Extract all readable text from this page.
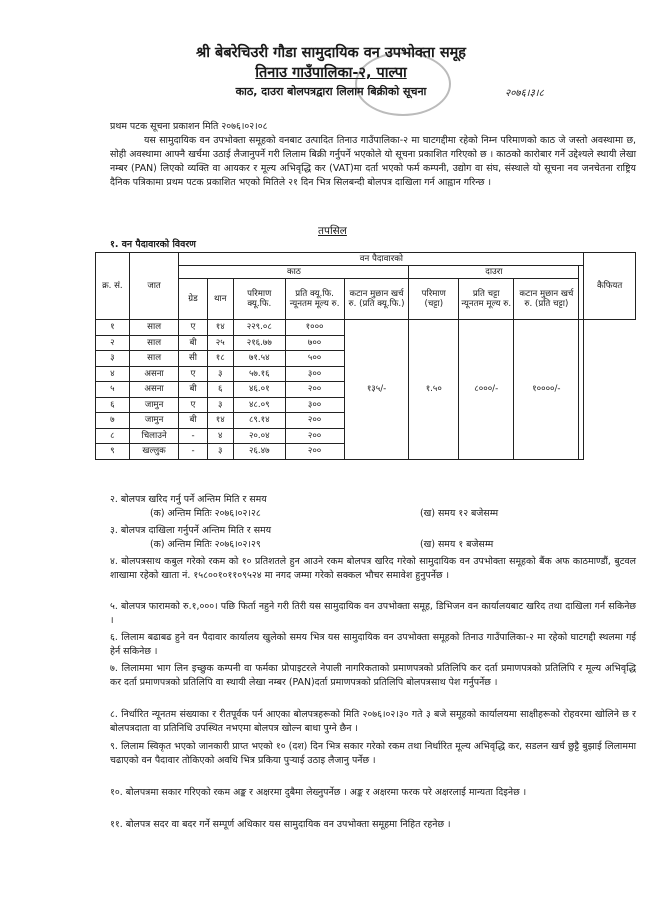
श्री बेबरेचिउरी गौडा सामुदायिक वन उपभोक्ता समूह
तिनाउ गाउँपालिका-२, पाल्पा
काठ, दाउरा बोलपत्रद्वारा लिलाम बिक्रीको सूचना	२०७६।३।८
प्रथम पटक सूचना प्रकाशन मिति २०७६।०२।०८
यस सामुदायिक वन उपभोक्ता समूहको वनबाट उत्पादित तिनाउ गाउँपालिका-२ मा घाटगद्दीमा रहेको निम्न परिमाणको काठ जे जस्तो अवस्थामा छ, सोही अवस्थामा आफ्नै खर्चमा उठाई लैजानुपर्ने गरी लिलाम बिक्री गर्नुपर्ने भएकोले यो सूचना प्रकाशित गरिएको छ । काठको कारोबार गर्ने उद्देश्यले स्थायी लेखा नम्बर (PAN) लिएको व्यक्ति वा आयकर र मूल्य अभिवृद्धि कर (VAT)मा दर्ता भएको फर्म कम्पनी, उद्योग वा संघ, संस्थाले यो सूचना नव जनचेतना राष्ट्रिय दैनिक पत्रिकामा प्रथम पटक प्रकाशित भएको मितिले २१ दिन भित्र सिलबन्दी बोलपत्र दाखिला गर्न आह्वान गरिन्छ ।
तपसिल
१. वन पैदावारको विवरण
क्र. सं.	जात	वन पैदावारको									कैफियत
		काठ					दाउरा				
		ग्रेड	थान	परिमाण क्यू.फि.	प्रति क्यू.फि. न्यूनतम मूल्य रु.	कटान मुछान खर्च रु. (प्रति क्यू.फि.)	परिमाण (चट्टा)	प्रति चट्टा न्यूनतम मूल्य रु.	कटान मुछान खर्च रु. (प्रति चट्टा)		
१	साल	ए	१४	२२९.०८	१०००	१३५/-	१.५०	८०००/-	१००००/-		
२	साल	बी	२५	२१६.७७	७००						
३	साल	सी	१८	७१.५४	५००						
४	असना	ए	३	५७.१६	३००						
५	असना	बी	६	४६.०१	२००						
६	जामुन	ए	३	४८.०९	३००						
७	जामुन	बी	१४	८९.१४	२००						
८	चिलाउने	-	४	२०.०४	२००						
९	खल्लुक	-	३	२६.४७	२००						
२. बोलपत्र खरिद गर्नु पर्ने अन्तिम मिति र समय
(क) अन्तिम मितिः २०७६।०२।२८	(ख) समय १२ बजेसम्म
३. बोलपत्र दाखिला गर्नुपर्ने अन्तिम मिति र समय
(क) अन्तिम मितिः २०७६।०२।२९	(ख) समय १ बजेसम्म
४. बोलपत्रसाथ कबुल गरेको रकम को १० प्रतिशतले हुन आउने रकम बोलपत्र खरिद गरेको सामुदायिक वन उपभोक्ता समूहको बैंक अफ काठमाण्डौं, बुटवल शाखामा रहेको खाता नं. १५८००१०११०९५२४ मा नगद जम्मा गरेको सक्कल भौचर समावेश हुनुपर्नेछ ।
५. बोलपत्र फारामको रु.१,०००। पछि फिर्ता नहुने गरी तिरी यस सामुदायिक वन उपभोक्ता समूह, डिभिजन वन कार्यालयबाट खरिद तथा दाखिला गर्न सकिनेछ ।
६. लिलाम बढाबढ हुने वन पैदावार कार्यालय खुलेको समय भित्र यस सामुदायिक वन उपभोक्ता समूहको तिनाउ गाउँपालिका-२ मा रहेको घाटगद्दी स्थलमा गई हेर्न सकिनेछ ।
७. लिलाममा भाग लिन इच्छुक कम्पनी वा फर्मका प्रोपाइटरले नेपाली नागरिकताको प्रमाणपत्रको प्रतिलिपि कर दर्ता प्रमाणपत्रको प्रतिलिपि र मूल्य अभिवृद्धि कर दर्ता प्रमाणपत्रको प्रतिलिपि वा स्थायी लेखा नम्बर (PAN)दर्ता प्रमाणपत्रको प्रतिलिपि बोलपत्रसाथ पेश गर्नुपर्नेछ ।
८. निर्धारित न्यूनतम संख्याका र रीतपूर्वक पर्न आएका बोलपत्रहरूको मिति २०७६।०२।३० गते ३ बजे समूहको कार्यालयमा साक्षीहरूको रोहवरमा खोलिने छ र बोलपत्रदाता वा प्रतिनिधि उपस्थित नभएमा बोलपत्र खोल्न बाधा पुग्ने छैन ।
९. लिलाम स्विकृत भएको जानकारी प्राप्त भएको १० (दश) दिन भित्र सकार गरेको रकम तथा निर्धारित मूल्य अभिवृद्धि कर, सडलन खर्च छुट्टै बुझाई लिलाममा चढाएको वन पैदावार तोकिएको अवधि भित्र प्रकिया पुऱ्याई उठाइ लैजानु पर्नेछ ।
१०. बोलपत्रमा सकार गरिएको रकम अङ्क र अक्षरमा दुबैमा लेख्नुपर्नेछ । अङ्क र अक्षरमा फरक परे अक्षरलाई मान्यता दिइनेछ ।
११. बोलपत्र सदर वा बदर गर्ने सम्पूर्ण अधिकार यस सामुदायिक वन उपभोक्ता समूहमा निहित रहनेछ ।
